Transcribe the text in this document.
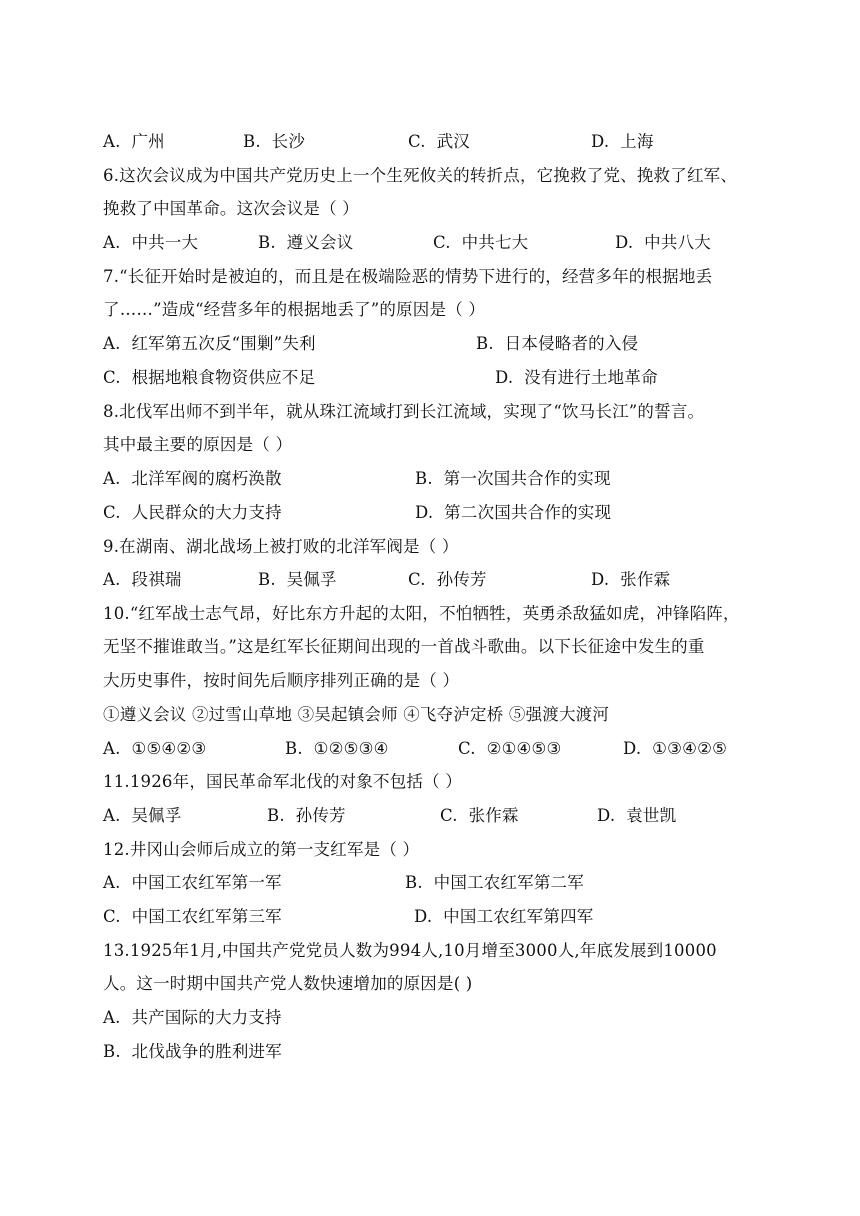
A.  广州	B.  长沙	C.  武汉	D.  上海
6.这次会议成为中国共产党历史上一个生死攸关的转折点，它挽救了党、挽救了红军、
挽救了中国革命。这次会议是（ ）
A.  中共一大	B.  遵义会议	C.  中共七大	D.  中共八大
7.“长征开始时是被迫的，而且是在极端险恶的情势下进行的，经营多年的根据地丢
了……”造成“经营多年的根据地丢了”的原因是（ ）
A.  红军第五次反“围剿”失利	B.  日本侵略者的入侵
C.  根据地粮食物资供应不足	D.  没有进行土地革命
8.北伐军出师不到半年，就从珠江流域打到长江流域，实现了“饮马长江”的誓言。
其中最主要的原因是（ ）
A.  北洋军阀的腐朽涣散	B.  第一次国共合作的实现
C.  人民群众的大力支持	D.  第二次国共合作的实现
9.在湖南、湖北战场上被打败的北洋军阀是（ ）
A.  段祺瑞	B.  吴佩孚	C.  孙传芳	D.  张作霖
10.“红军战士志气昂，好比东方升起的太阳，不怕牺牲，英勇杀敌猛如虎，冲锋陷阵，
无坚不摧谁敢当。”这是红军长征期间出现的一首战斗歌曲。以下长征途中发生的重
大历史事件，按时间先后顺序排列正确的是（ ）
①遵义会议 ②过雪山草地 ③吴起镇会师 ④飞夺泸定桥 ⑤强渡大渡河
A.  ①⑤④②③	B.  ①②⑤③④	C.  ②①④⑤③	D.  ①③④②⑤
11.1926年，国民革命军北伐的对象不包括（ ）
A.  吴佩孚	B.  孙传芳	C.  张作霖	D.  袁世凯
12.井冈山会师后成立的第一支红军是（ ）
A.  中国工农红军第一军	B.  中国工农红军第二军
C.  中国工农红军第三军	D.  中国工农红军第四军
13.1925年1月,中国共产党党员人数为994人,10月增至3000人,年底发展到10000
人。这一时期中国共产党人数快速增加的原因是( )
A.  共产国际的大力支持
B.  北伐战争的胜利进军
